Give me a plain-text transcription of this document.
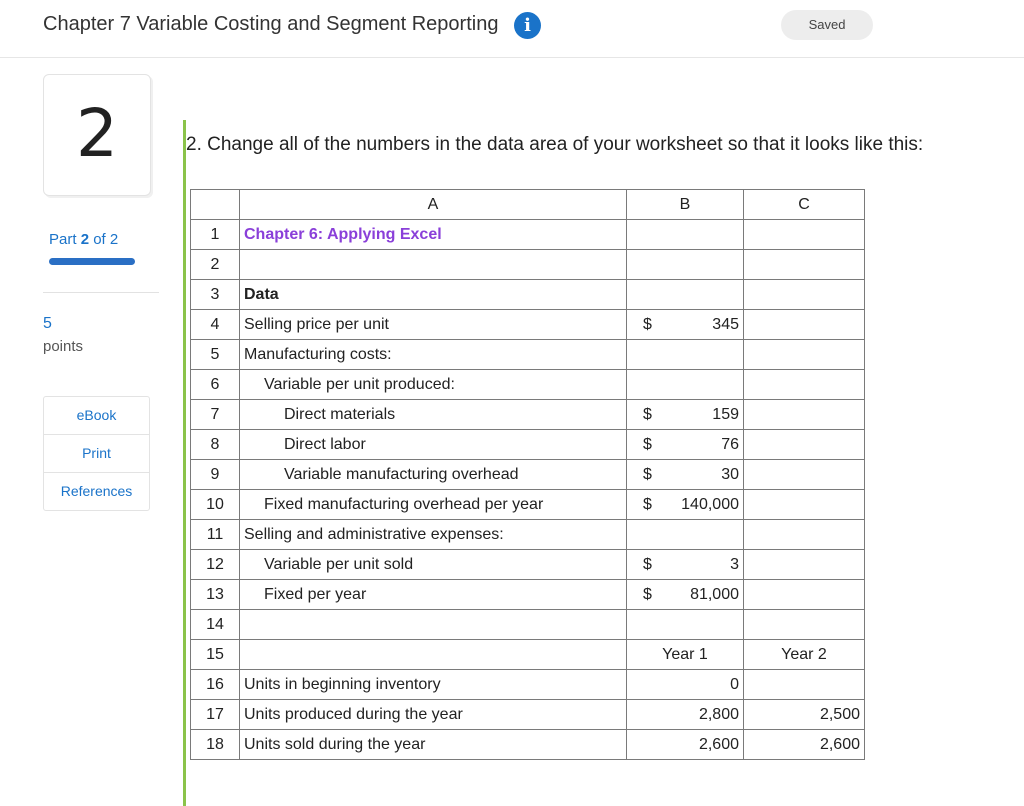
Chapter 7 Variable Costing and Segment Reporting	i	Saved
2
Part 2 of 2
5
points
eBook
Print
References
2. Change all of the numbers in the data area of your worksheet so that it looks like this:
	A	B	C
1	Chapter 6: Applying Excel	

2		

3	Data	

4	Selling price per unit	$ 345	

5	Manufacturing costs:	

6	Variable per unit produced:	

7	Direct materials	$ 159	

8	Direct labor	$ 76	

9	Variable manufacturing overhead	$ 30	

10	Fixed manufacturing overhead per year	$ 140,000	

11	Selling and administrative expenses:	

12	Variable per unit sold	$ 3	

13	Fixed per year	$ 81,000	

14		

15		Year 1	Year 2
16	Units in beginning inventory	0	

17	Units produced during the year	2,800	2,500
18	Units sold during the year	2,600	2,600
